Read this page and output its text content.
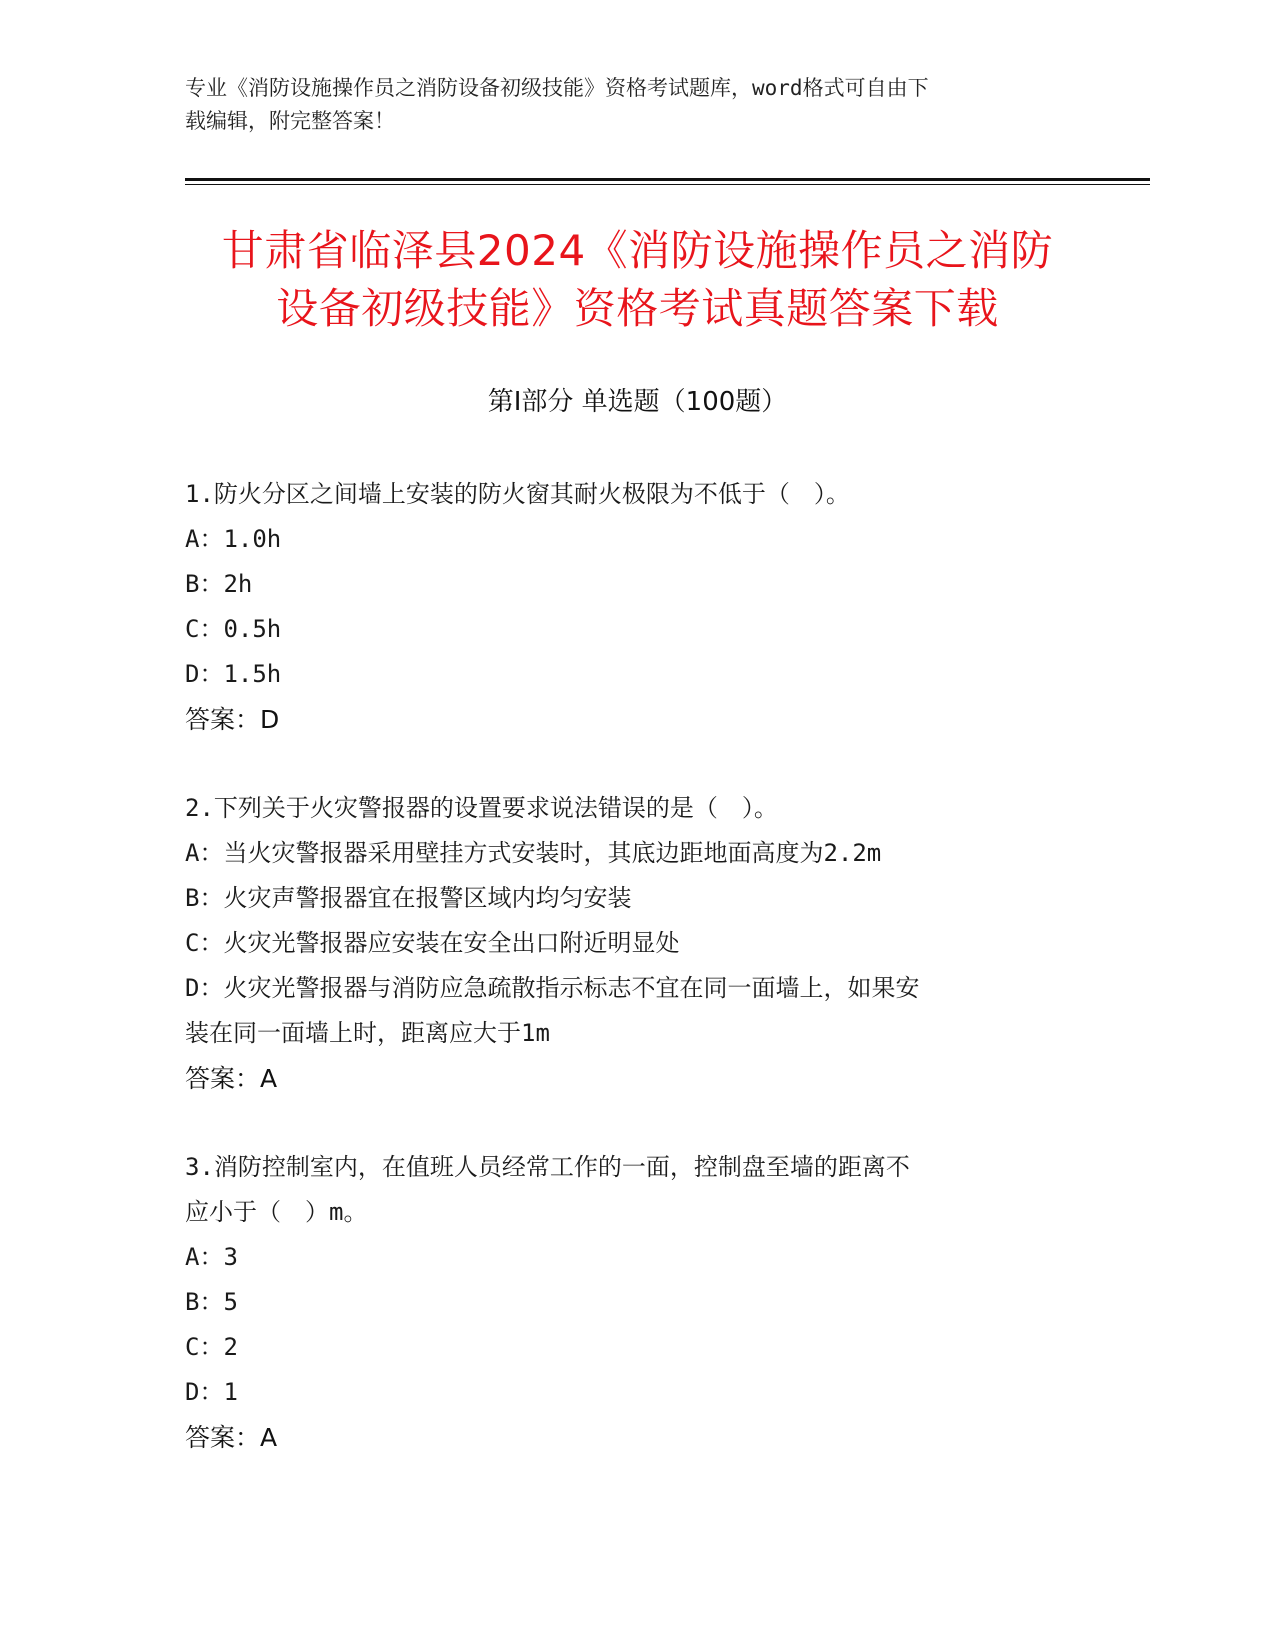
专业《消防设施操作员之消防设备初级技能》资格考试题库，word格式可自由下
载编辑，附完整答案！
甘肃省临泽县2024《消防设施操作员之消防
设备初级技能》资格考试真题答案下载
第Ⅰ部分 单选题（100题）
1.防火分区之间墙上安装的防火窗其耐火极限为不低于（　）。
A：1.0h
B：2h
C：0.5h
D：1.5h
答案：D
2.下列关于火灾警报器的设置要求说法错误的是（　）。
A：当火灾警报器采用壁挂方式安装时，其底边距地面高度为2.2m
B：火灾声警报器宜在报警区域内均匀安装
C：火灾光警报器应安装在安全出口附近明显处
D：火灾光警报器与消防应急疏散指示标志不宜在同一面墙上，如果安
装在同一面墙上时，距离应大于1m
答案：A
3.消防控制室内，在值班人员经常工作的一面，控制盘至墙的距离不
应小于（　）m。
A：3
B：5
C：2
D：1
答案：A
